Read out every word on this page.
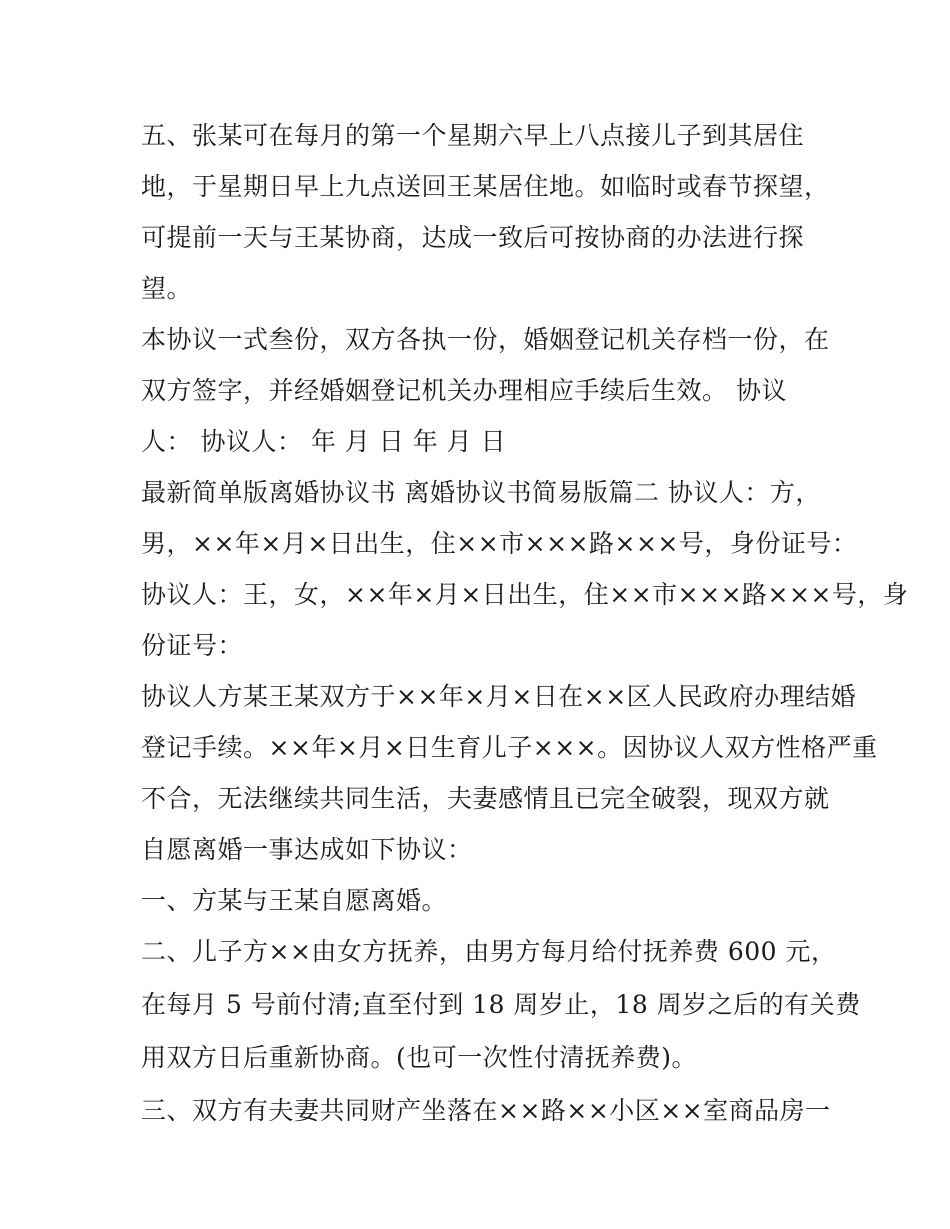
五、张某可在每月的第一个星期六早上八点接儿子到其居住
地，于星期日早上九点送回王某居住地。如临时或春节探望，
可提前一天与王某协商，达成一致后可按协商的办法进行探
望。
本协议一式叁份，双方各执一份，婚姻登记机关存档一份，在
双方签字，并经婚姻登记机关办理相应手续后生效。 协议
人： 协议人： 年 月 日 年 月 日
最新简单版离婚协议书 离婚协议书简易版篇二 协议人：方，
男，××年×月×日出生，住××市×××路×××号，身份证号：
协议人：王，女，××年×月×日出生，住××市×××路×××号，身
份证号：
协议人方某王某双方于××年×月×日在××区人民政府办理结婚
登记手续。××年×月×日生育儿子×××。因协议人双方性格严重
不合，无法继续共同生活，夫妻感情且已完全破裂，现双方就
自愿离婚一事达成如下协议：
一、方某与王某自愿离婚。
二、儿子方××由女方抚养，由男方每月给付抚养费 600 元，
在每月 5 号前付清;直至付到 18 周岁止，18 周岁之后的有关费
用双方日后重新协商。(也可一次性付清抚养费)。
三、双方有夫妻共同财产坐落在××路××小区××室商品房一
